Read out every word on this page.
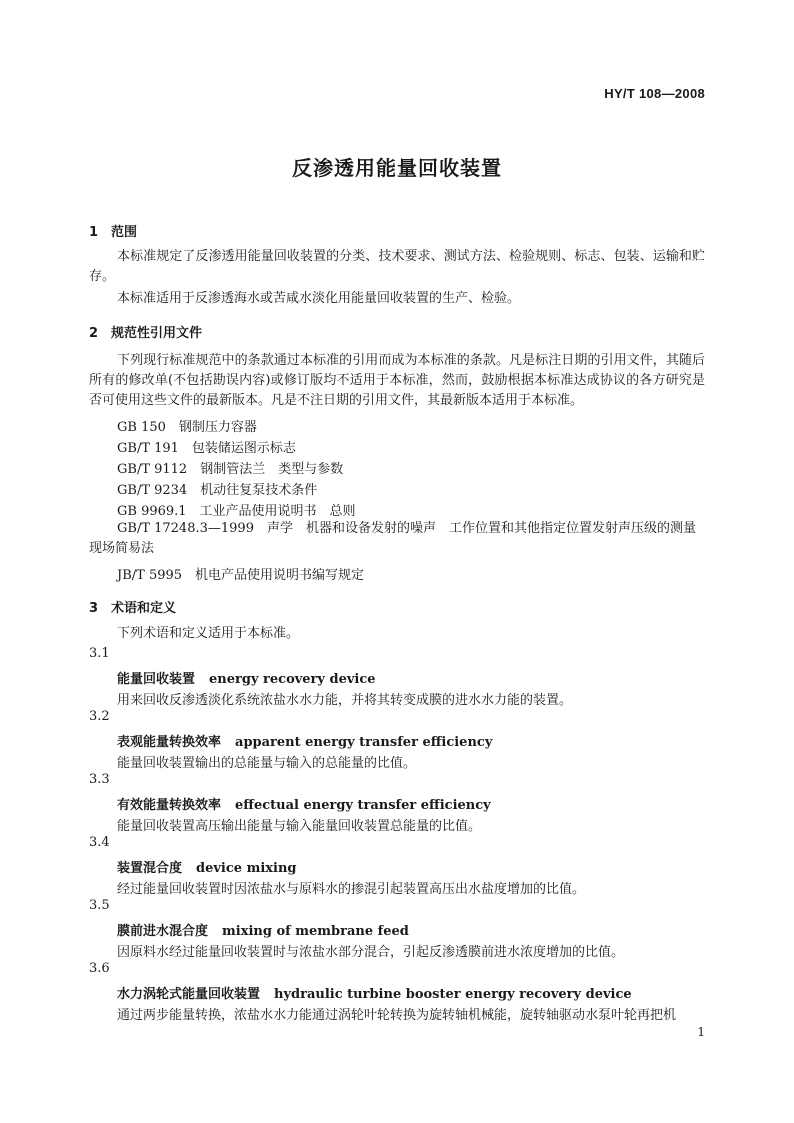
HY/T 108—2008
反渗透用能量回收装置
1 范围
本标准规定了反渗透用能量回收装置的分类、技术要求、测试方法、检验规则、标志、包装、运输和贮存。
本标准适用于反渗透海水或苦咸水淡化用能量回收装置的生产、检验。
2 规范性引用文件
下列现行标准规范中的条款通过本标准的引用而成为本标准的条款。凡是标注日期的引用文件，其随后所有的修改单(不包括勘误内容)或修订版均不适用于本标准，然而，鼓励根据本标准达成协议的各方研究是否可使用这些文件的最新版本。凡是不注日期的引用文件，其最新版本适用于本标准。
GB 150　钢制压力容器
GB/T 191　包装储运图示标志
GB/T 9112　钢制管法兰　类型与参数
GB/T 9234　机动往复泵技术条件
GB 9969.1　工业产品使用说明书　总则
GB/T 17248.3—1999　声学　机器和设备发射的噪声　工作位置和其他指定位置发射声压级的测量　现场简易法
JB/T 5995　机电产品使用说明书编写规定
3 术语和定义
下列术语和定义适用于本标准。
3.1
能量回收装置 energy recovery device
用来回收反渗透淡化系统浓盐水水力能，并将其转变成膜的进水水力能的装置。
3.2
表观能量转换效率 apparent energy transfer efficiency
能量回收装置输出的总能量与输入的总能量的比值。
3.3
有效能量转换效率 effectual energy transfer efficiency
能量回收装置高压输出能量与输入能量回收装置总能量的比值。
3.4
装置混合度 device mixing
经过能量回收装置时因浓盐水与原料水的掺混引起装置高压出水盐度增加的比值。
3.5
膜前进水混合度 mixing of membrane feed
因原料水经过能量回收装置时与浓盐水部分混合，引起反渗透膜前进水浓度增加的比值。
3.6
水力涡轮式能量回收装置 hydraulic turbine booster energy recovery device
通过两步能量转换，浓盐水水力能通过涡轮叶轮转换为旋转轴机械能，旋转轴驱动水泵叶轮再把机
1
